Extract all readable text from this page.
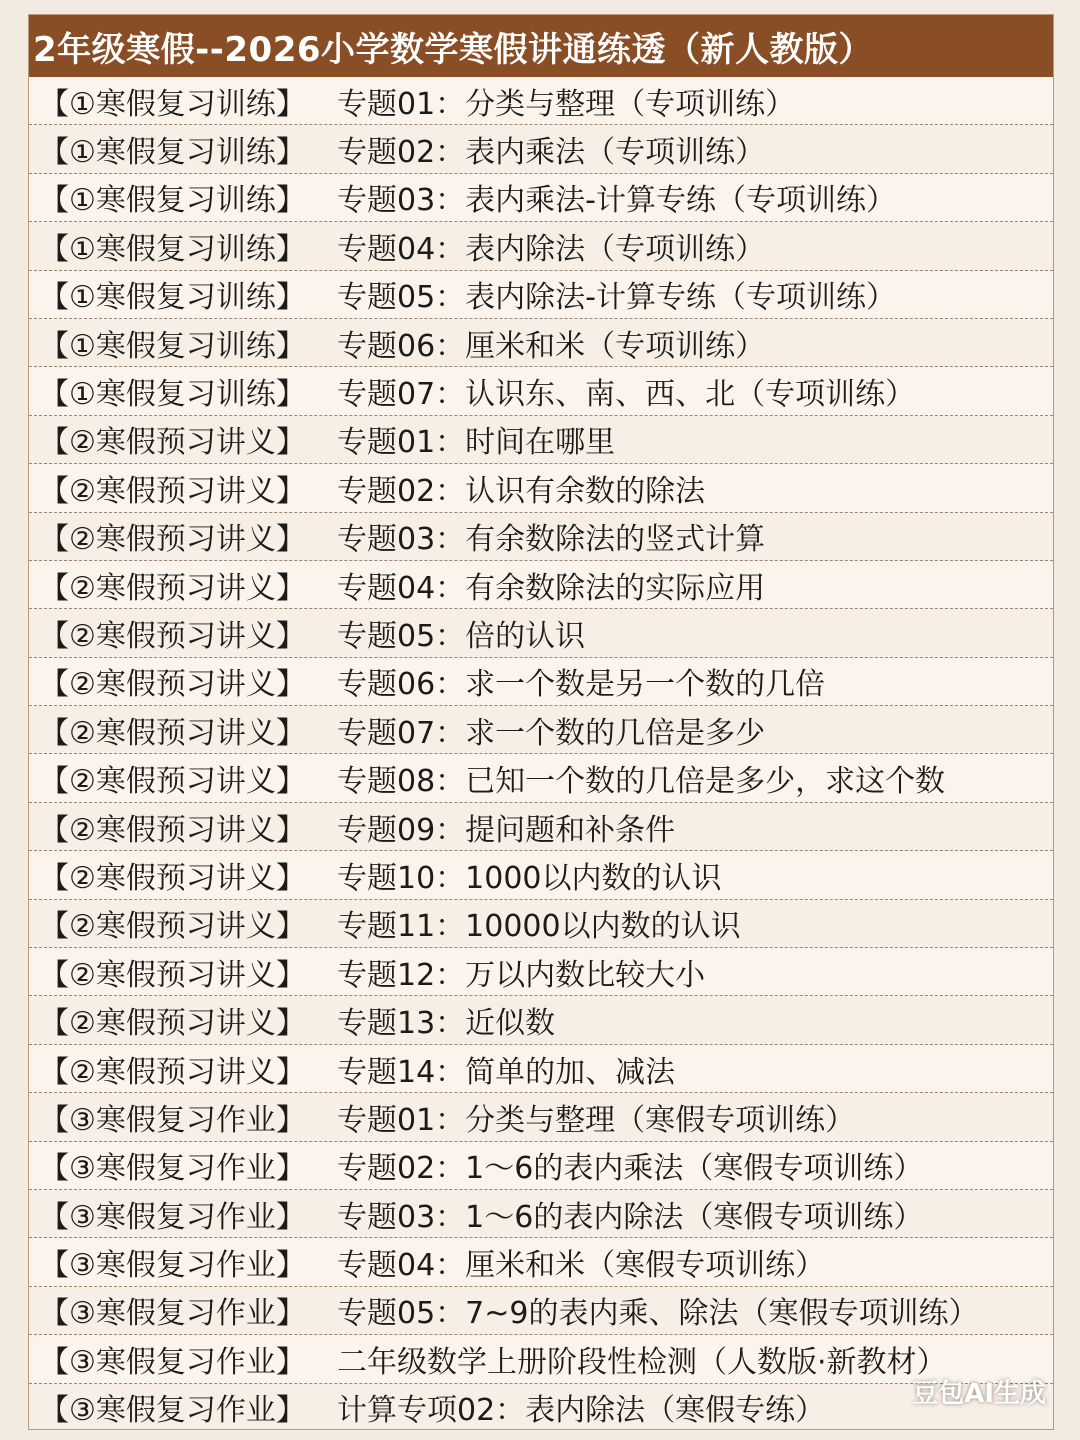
2年级寒假--2026小学数学寒假讲通练透（新人教版）
【①寒假复习训练】	专题01：分类与整理（专项训练）
【①寒假复习训练】	专题02：表内乘法（专项训练）
【①寒假复习训练】	专题03：表内乘法-计算专练（专项训练）
【①寒假复习训练】	专题04：表内除法（专项训练）
【①寒假复习训练】	专题05：表内除法-计算专练（专项训练）
【①寒假复习训练】	专题06：厘米和米（专项训练）
【①寒假复习训练】	专题07：认识东、南、西、北（专项训练）
【②寒假预习讲义】	专题01：时间在哪里
【②寒假预习讲义】	专题02：认识有余数的除法
【②寒假预习讲义】	专题03：有余数除法的竖式计算
【②寒假预习讲义】	专题04：有余数除法的实际应用
【②寒假预习讲义】	专题05：倍的认识
【②寒假预习讲义】	专题06：求一个数是另一个数的几倍
【②寒假预习讲义】	专题07：求一个数的几倍是多少
【②寒假预习讲义】	专题08：已知一个数的几倍是多少，求这个数
【②寒假预习讲义】	专题09：提问题和补条件
【②寒假预习讲义】	专题10：1000以内数的认识
【②寒假预习讲义】	专题11：10000以内数的认识
【②寒假预习讲义】	专题12：万以内数比较大小
【②寒假预习讲义】	专题13：近似数
【②寒假预习讲义】	专题14：简单的加、减法
【③寒假复习作业】	专题01：分类与整理（寒假专项训练）
【③寒假复习作业】	专题02：1～6的表内乘法（寒假专项训练）
【③寒假复习作业】	专题03：1～6的表内除法（寒假专项训练）
【③寒假复习作业】	专题04：厘米和米（寒假专项训练）
【③寒假复习作业】	专题05：7~9的表内乘、除法（寒假专项训练）
【③寒假复习作业】	二年级数学上册阶段性检测（人数版·新教材）
【③寒假复习作业】	计算专项02：表内除法（寒假专练）	豆包AI生成
